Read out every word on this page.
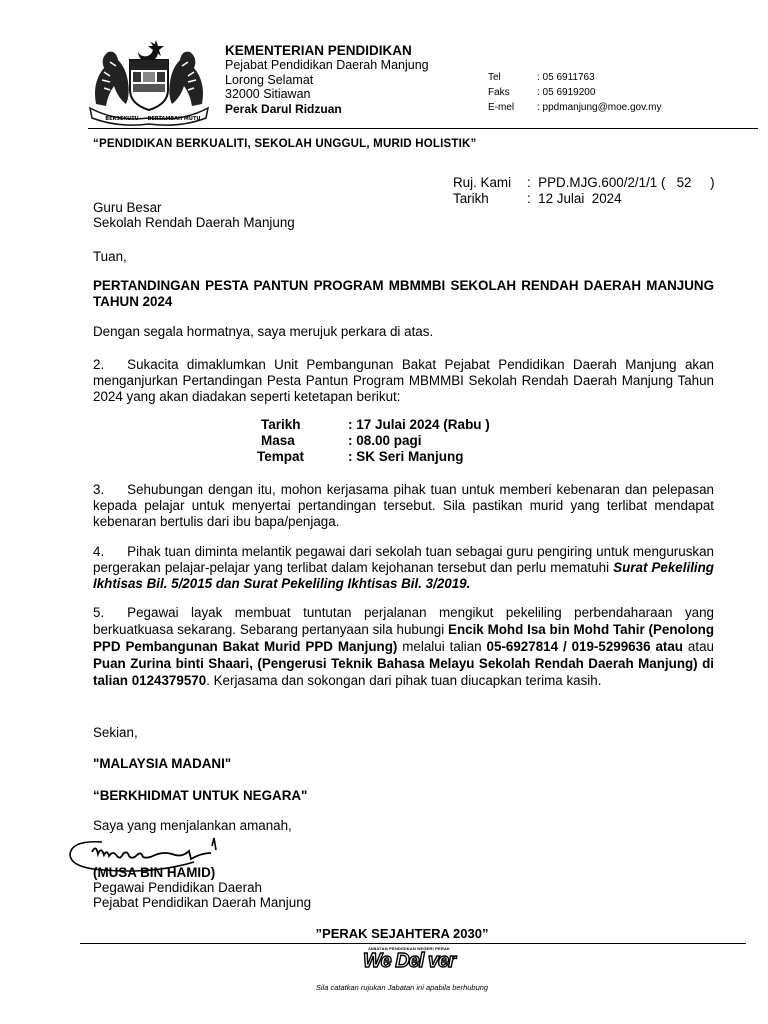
BERSEKUTU BERTAMBAH MUTU
KEMENTERIAN PENDIDIKAN
Pejabat Pendidikan Daerah Manjung
Lorong Selamat
32000 Sitiawan
Perak Darul Ridzuan
Tel	: 05 6911763
Faks	: 05 6919200
E-mel : ppdmanjung@moe.gov.my
“PENDIDIKAN BERKUALITI, SEKOLAH UNGGUL, MURID HOLISTIK”
Ruj. Kami :  PPD.MJG.600/2/1/1 (   52     )
Tarikh	:  12 Julai  2024
Guru Besar
Sekolah Rendah Daerah Manjung
Tuan,

PERTANDINGAN PESTA PANTUN PROGRAM MBMMBI SEKOLAH RENDAH DAERAH MANJUNG TAHUN 2024

Dengan segala hormatnya, saya merujuk perkara di atas.

2. Sukacita dimaklumkan Unit Pembangunan Bakat Pejabat Pendidikan Daerah Manjung akan menganjurkan Pertandingan Pesta Pantun Program MBMMBI Sekolah Rendah Daerah Manjung Tahun 2024 yang akan diadakan seperti ketetapan berikut:

Tarikh	: 17 Julai 2024 (Rabu )
Masa	: 08.00 pagi
Tempat	: SK Seri Manjung

3. Sehubungan dengan itu, mohon kerjasama pihak tuan untuk memberi kebenaran dan pelepasan kepada pelajar untuk menyertai pertandingan tersebut. Sila pastikan murid yang terlibat mendapat kebenaran bertulis dari ibu bapa/penjaga.

4. Pihak tuan diminta melantik pegawai dari sekolah tuan sebagai guru pengiring untuk menguruskan pergerakan pelajar-pelajar yang terlibat dalam kejohanan tersebut dan perlu mematuhi Surat Pekeliling Ikhtisas Bil. 5/2015 dan Surat Pekeliling Ikhtisas Bil. 3/2019.

5. Pegawai layak membuat tuntutan perjalanan mengikut pekeliling perbendaharaan yang berkuatkuasa sekarang. Sebarang pertanyaan sila hubungi Encik Mohd Isa bin Mohd Tahir (Penolong PPD Pembangunan Bakat Murid PPD Manjung) melalui talian 05-6927814 / 019-5299636 atau atau Puan Zurina binti Shaari, (Pengerusi Teknik Bahasa Melayu Sekolah Rendah Daerah Manjung) di talian 0124379570. Kerjasama dan sokongan dari pihak tuan diucapkan terima kasih.

Sekian,
"MALAYSIA MADANI"
“BERKHIDMAT UNTUK NEGARA"
Saya yang menjalankan amanah,
(MUSA BIN HAMID)
Pegawai Pendidikan Daerah
Pejabat Pendidikan Daerah Manjung
”PERAK SEJAHTERA 2030”
JABATAN PENDIDIKAN NEGERI PERAK
We Del ver
Sila catatkan rujukan Jabatan ini apabila berhubung
